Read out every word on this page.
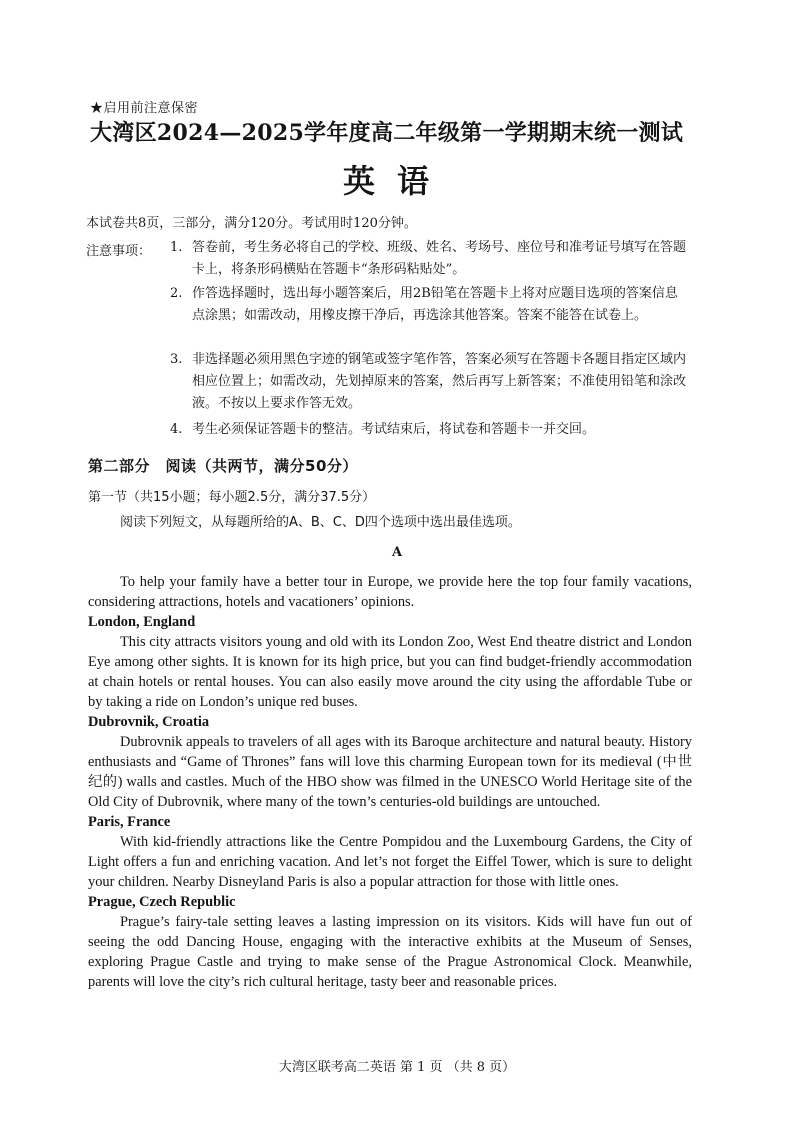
★启用前注意保密
大湾区2024—2025学年度高二年级第一学期期末统一测试
英语
本试卷共8页，三部分，满分120分。考试用时120分钟。
注意事项： 1. 答卷前，考生务必将自己的学校、班级、姓名、考场号、座位号和准考证号填写在答题卡上，将条形码横贴在答题卡“条形码粘贴处”。
2. 作答选择题时，选出每小题答案后，用2B铅笔在答题卡上将对应题目选项的答案信息点涂黑；如需改动，用橡皮擦干净后，再选涂其他答案。答案不能答在试卷上。
3. 非选择题必须用黑色字迹的钢笔或签字笔作答，答案必须写在答题卡各题目指定区域内相应位置上；如需改动，先划掉原来的答案，然后再写上新答案；不准使用铅笔和涂改液。不按以上要求作答无效。
4. 考生必须保证答题卡的整洁。考试结束后，将试卷和答题卡一并交回。
第二部分　阅读（共两节，满分50分）
第一节（共15小题；每小题2.5分，满分37.5分）
阅读下列短文，从每题所给的A、B、C、D四个选项中选出最佳选项。
A

To help your family have a better tour in Europe, we provide here the top four family vacations, considering attractions, hotels and vacationers’ opinions.

London, England

This city attracts visitors young and old with its London Zoo, West End theatre district and London Eye among other sights. It is known for its high price, but you can find budget-friendly accommodation at chain hotels or rental houses. You can also easily move around the city using the affordable Tube or by taking a ride on London’s unique red buses.

Dubrovnik, Croatia

Dubrovnik appeals to travelers of all ages with its Baroque architecture and natural beauty. History enthusiasts and “Game of Thrones” fans will love this charming European town for its medieval (中世纪的) walls and castles. Much of the HBO show was filmed in the UNESCO World Heritage site of the Old City of Dubrovnik, where many of the town’s centuries-old buildings are untouched.

Paris, France

With kid-friendly attractions like the Centre Pompidou and the Luxembourg Gardens, the City of Light offers a fun and enriching vacation. And let’s not forget the Eiffel Tower, which is sure to delight your children. Nearby Disneyland Paris is also a popular attraction for those with little ones.

Prague, Czech Republic

Prague’s fairy-tale setting leaves a lasting impression on its visitors. Kids will have fun out of seeing the odd Dancing House, engaging with the interactive exhibits at the Museum of Senses, exploring Prague Castle and trying to make sense of the Prague Astronomical Clock. Meanwhile, parents will love the city’s rich cultural heritage, tasty beer and reasonable prices.

大湾区联考高二英语 第 1 页 （共 8 页）
